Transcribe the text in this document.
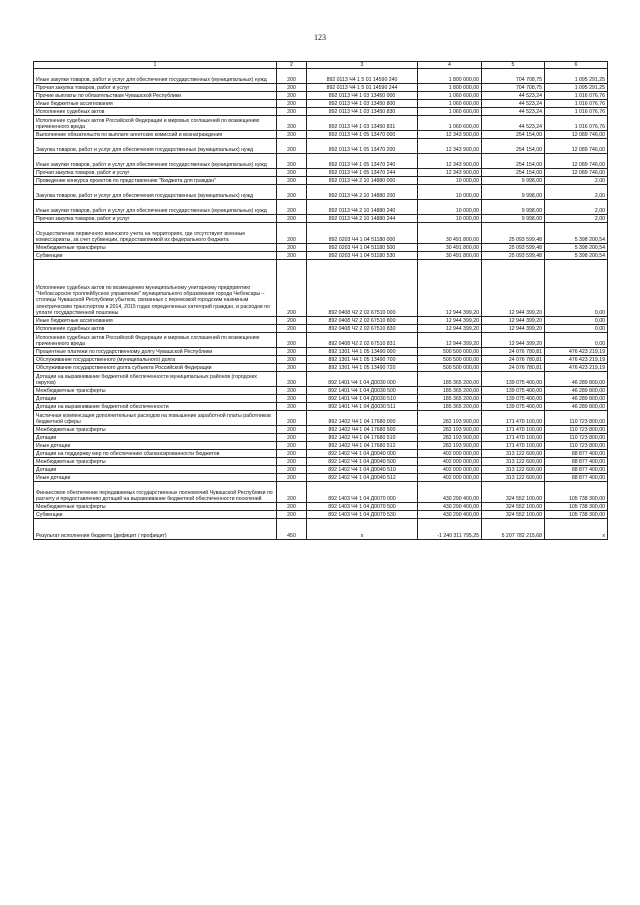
123
1	2	3	4	5	6
Иные закупки товаров, работ и услуг для обеспечения государственных (муниципальных) нужд	200	892 0113 Ч4 1 5 01 14590 240	1 800 000,00	704 708,75	1 095 291,25
Прочая закупка товаров, работ и услуг	200	892 0113 Ч4 1 5 01 14590 244	1 800 000,00	704 708,75	1 095 291,25
Прочие выплаты по обязательствам Чувашской Республики	200	892 0113 Ч4 1 03 13450 000	1 060 600,00	44 523,24	1 016 076,76
Иные бюджетные ассигнования	200	892 0113 Ч4 1 03 13450 800	1 060 600,00	44 523,24	1 016 076,76
Исполнение судебных актов	200	892 0113 Ч4 1 03 13450 830	1 060 600,00	44 523,24	1 016 076,76
Исполнение судебных актов Российской Федерации и мировых соглашений по возмещению причиненного вреда	200	892 0113 Ч4 1 03 13450 831	1 060 600,00	44 523,24	1 016 076,76
Выполнение обязательств по выплате агентских комиссий и вознаграждения	200	892 0113 Ч4 1 05 13470 000	12 343 900,00	254 154,00	12 089 746,00
Закупка товаров, работ и услуг для обеспечения государственных (муниципальных) нужд	200	892 0113 Ч4 1 05 13470 200	12 343 900,00	254 154,00	12 089 746,00
Иные закупки товаров, работ и услуг для обеспечения государственных (муниципальных) нужд	200	892 0113 Ч4 1 05 13470 240	12 343 900,00	254 154,00	12 089 746,00
Прочая закупка товаров, работ и услуг	200	892 0113 Ч4 1 05 13470 244	12 343 900,00	254 154,00	12 089 746,00
Проведение конкурса проектов по представлению "Бюджета для граждан"	200	892 0113 Ч4 2 10 14880 000	10 000,00	9 998,00	2,00
Закупка товаров, работ и услуг для обеспечения государственных (муниципальных) нужд	200	892 0113 Ч4 2 10 14880 200	10 000,00	9 998,00	2,00
Иные закупки товаров, работ и услуг для обеспечения государственных (муниципальных) нужд	200	892 0113 Ч4 2 10 14880 240	10 000,00	9 998,00	2,00
Прочая закупка товаров, работ и услуг	200	892 0113 Ч4 2 10 14880 244	10 000,00	9 998,00	2,00
Осуществление первичного воинского учета на территориях, где отсутствуют военные комиссариаты, за счет субвенции, предоставляемой из федерального бюджета	200	892 0203 Ч4 1 04 51180 000	30 491 800,00	25 093 599,48	5 398 200,54
Межбюджетные трансферты	200	892 0203 Ч4 1 04 51180 500	30 491 800,00	25 093 599,48	5 398 200,54
Субвенции	200	892 0203 Ч4 1 04 51180 530	30 491 800,00	25 093 599,48	5 398 200,54
Исполнение судебных актов по возмещению муниципальному унитарному предприятию "Чебоксарское троллейбусное управление" муниципального образования города Чебоксары – столицы Чувашской Республики убытков, связанных с перевозкой городским наземным электрическим транспортом в 2014, 2015 годах определенных категорий граждан, и расходов по уплате государственной пошлины	200	892 0408 Ч2 2 02 67510 000	12 944 399,20	12 944 399,20	0,00
Иные бюджетные ассигнования	200	892 0408 Ч2 2 02 67510 800	12 944 399,20	12 944 399,20	0,00
Исполнение судебных актов	200	892 0408 Ч2 2 02 67510 830	12 944 399,20	12 944 399,20	0,00
Исполнение судебных актов Российской Федерации и мировых соглашений по возмещению причиненного вреда	200	892 0408 Ч2 2 02 67510 831	12 944 399,20	12 944 399,20	0,00
Процентные платежи по государственному долгу Чувашской Республики	200	892 1301 Ч4 1 05 13490 000	500 500 000,00	24 076 780,81	476 423 219,19
Обслуживание государственного (муниципального) долга	200	892 1301 Ч4 1 05 13490 700	500 500 000,00	24 076 780,81	476 423 219,19
Обслуживание государственного долга субъекта Российской Федерации	200	892 1301 Ч4 1 05 13490 720	500 500 000,00	24 076 780,81	476 423 219,19
Дотации на выравнивание бюджетной обеспеченности муниципальных районов (городских округов)	200	892 1401 Ч4 1 04 Д0030 000	185 365 200,00	139 075 400,00	46 289 800,00
Межбюджетные трансферты	200	892 1401 Ч4 1 04 Д0030 500	185 365 200,00	139 075 400,00	46 289 800,00
Дотации	200	892 1401 Ч4 1 04 Д0030 510	185 365 200,00	139 075 400,00	46 289 800,00
Дотации на выравнивание бюджетной обеспеченности	200	892 1401 Ч4 1 04 Д0030 511	185 365 200,00	139 075 400,00	46 289 800,00
Частичная компенсация дополнительных расходов на повышение заработной платы работников бюджетной сферы	200	892 1402 Ч4 1 04 17680 000	282 193 900,00	171 470 100,00	110 723 800,00
Межбюджетные трансферты	200	892 1402 Ч4 1 04 17680 500	282 193 900,00	171 470 100,00	110 723 800,00
Дотации	200	892 1402 Ч4 1 04 17680 510	282 193 900,00	171 470 100,00	110 723 800,00
Иные дотации	200	892 1402 Ч4 1 04 17680 512	282 193 900,00	171 470 100,00	110 723 800,00
Дотации на поддержку мер по обеспечению сбалансированности бюджетов	200	892 1402 Ч4 1 04 Д0040 000	402 000 000,00	313 122 600,00	88 877 400,00
Межбюджетные трансферты	200	892 1402 Ч4 1 04 Д0040 500	402 000 000,00	313 122 600,00	88 877 400,00
Дотации	200	892 1402 Ч4 1 04 Д0040 510	402 000 000,00	313 122 600,00	88 877 400,00
Иные дотации	200	892 1402 Ч4 1 04 Д0040 512	402 000 000,00	313 122 600,00	88 877 400,00
Финансовое обеспечение передаваемых государственных полномочий Чувашской Республики по расчету и предоставлению дотаций на выравнивание бюджетной обеспеченности поселений	200	892 1403 Ч4 1 04 Д0070 000	430 290 400,00	324 552 100,00	105 738 300,00
Межбюджетные трансферты	200	892 1403 Ч4 1 04 Д0070 500	430 290 400,00	324 552 100,00	105 738 300,00
Субвенции	200	892 1403 Ч4 1 04 Д0070 530	430 290 400,00	324 552 100,00	105 738 300,00
Результат исполнения бюджета (дефицит / профицит)	450	x	-1 240 311 795,25	5 207 782 215,68	x
